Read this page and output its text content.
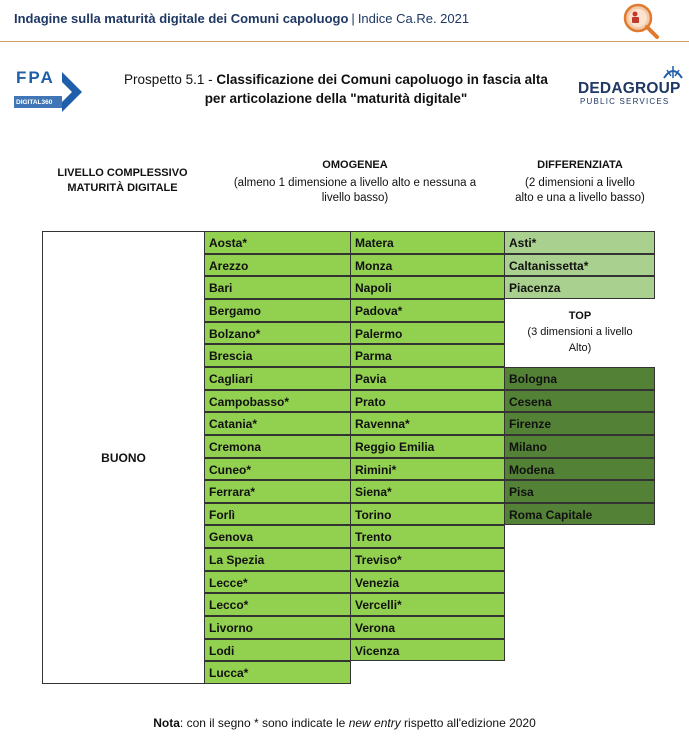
Indagine sulla maturità digitale dei Comuni capoluogo | Indice Ca.Re. 2021
FPA
DIGITAL360
DEDAGROUP
PUBLIC SERVICES
Prospetto 5.1 - Classificazione dei Comuni capoluogo in fascia alta
per articolazione della "maturità digitale"
LIVELLO COMPLESSIVO
MATURITÀ DIGITALE
OMOGENEA
(almeno 1 dimensione a livello alto e nessuna a
livello basso)
DIFFERENZIATA
(2 dimensioni a livello
alto e una a livello basso)
BUONO
Aosta*
Arezzo
Bari
Bergamo
Bolzano*
Brescia
Cagliari
Campobasso*
Catania*
Cremona
Cuneo*
Ferrara*
Forlì
Genova
La Spezia
Lecce*
Lecco*
Livorno
Lodi
Lucca*
Matera
Monza
Napoli
Padova*
Palermo
Parma
Pavia
Prato
Ravenna*
Reggio Emilia
Rimini*
Siena*
Torino
Trento
Treviso*
Venezia
Vercelli*
Verona
Vicenza
Asti*
Caltanissetta*
Piacenza
Bologna
Cesena
Firenze
Milano
Modena
Pisa
Roma Capitale
TOP
(3 dimensioni a livello
Alto)
Nota: con il segno * sono indicate le new entry rispetto all'edizione 2020
